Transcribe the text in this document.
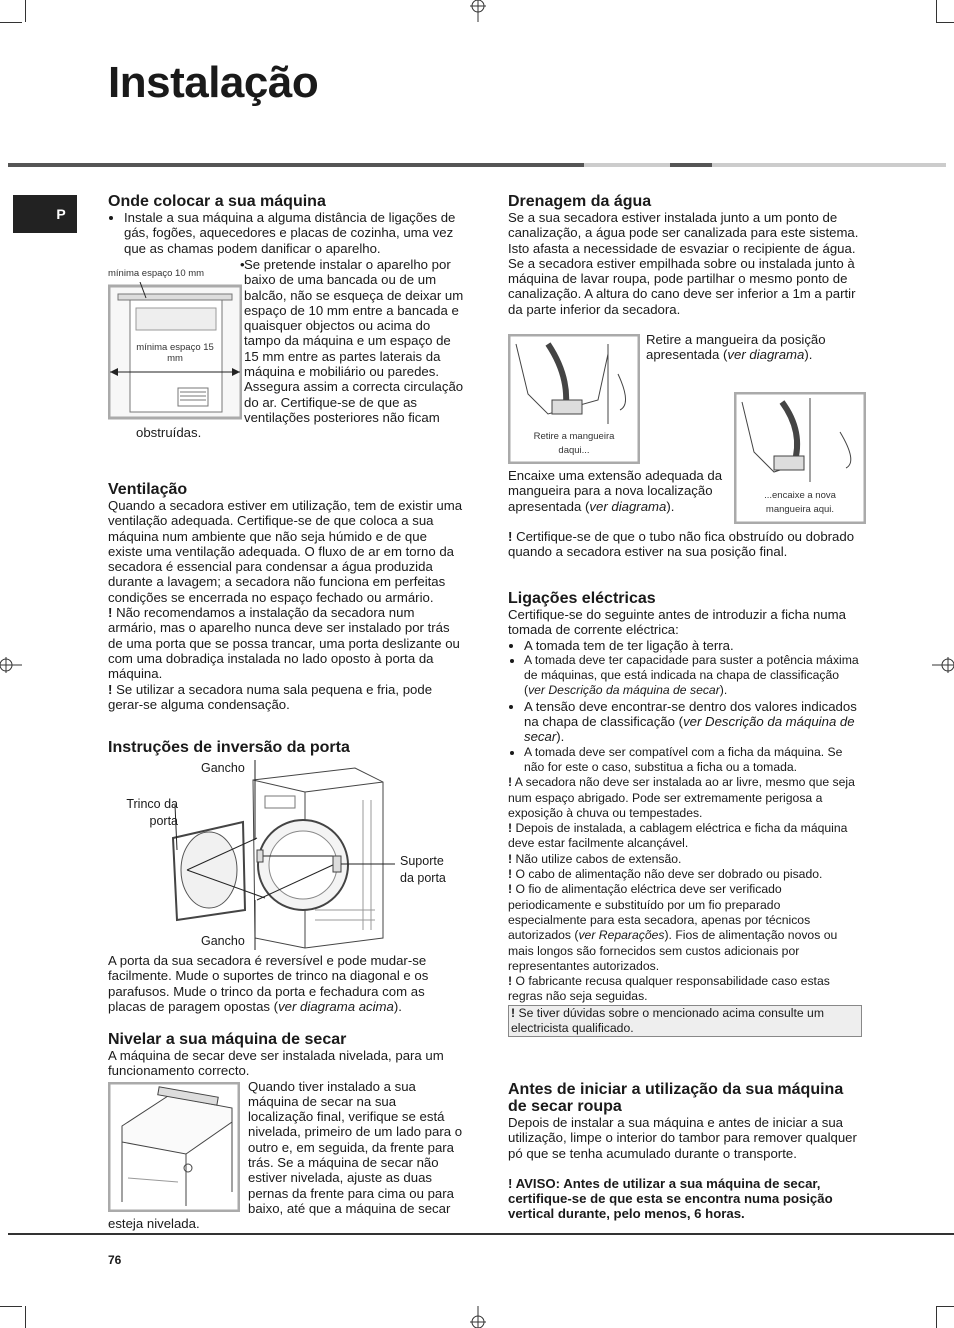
Instalação
P
Onde colocar a sua máquina
• Instale a sua máquina a alguma distância de ligações de gás, fogões, aquecedores e placas de cozinha, uma vez que as chamas podem danificar o aparelho.
mínima espaço 10 mm
mínima espaço 15 mm
• Se pretende instalar o aparelho por baixo de uma bancada ou de um balcão, não se esqueça de deixar um espaço de 10 mm entre a bancada e quaisquer objectos ou acima do tampo da máquina e um espaço de 15 mm entre as partes laterais da máquina e mobiliário ou paredes. Assegura assim a correcta circulação do ar. Certifique-se de que as ventilações posteriores não ficam obstruídas.
Ventilação

Quando a secadora estiver em utilização, tem de existir uma ventilação adequada. Certifique-se de que coloca a sua máquina num ambiente que não seja húmido e de que existe uma ventilação adequada. O fluxo de ar em torno da secadora é essencial para condensar a água produzida durante a lavagem; a secadora não funciona em perfeitas condições se encerrada no espaço fechado ou armário.

! Não recomendamos a instalação da secadora num armário, mas o aparelho nunca deve ser instalado por trás de uma porta que se possa trancar, uma porta deslizante ou com uma dobradiça instalada no lado oposto à porta da máquina.

! Se utilizar a secadora numa sala pequena e fria, pode gerar-se alguma condensação.

Instruções de inversão da porta
Gancho
Trinco da porta
Suporte da porta
Gancho

A porta da sua secadora é reversível e pode mudar-se facilmente. Mude o suportes de trinco na diagonal e os parafusos. Mude o trinco da porta e fechadura com as placas de paragem opostas (ver diagrama acima).

Nivelar a sua máquina de secar

A máquina de secar deve ser instalada nivelada, para um funcionamento correcto.

Quando tiver instalado a sua máquina de secar na sua localização final, verifique se está nivelada, primeiro de um lado para o outro e, em seguida, da frente para trás. Se a máquina de secar não estiver nivelada, ajuste as duas pernas da frente para cima ou para baixo, até que a máquina de secar esteja nivelada.

Drenagem da água

Se a sua secadora estiver instalada junto a um ponto de canalização, a água pode ser canalizada para este sistema. Isto afasta a necessidade de esvaziar o recipiente de água. Se a secadora estiver empilhada sobre ou instalada junto à máquina de lavar roupa, pode partilhar o mesmo ponto de canalização. A altura do cano deve ser inferior a 1m a partir da parte inferior da secadora.

Retire a mangueira daqui...

Retire a mangueira da posição apresentada (ver diagrama).

...encaixe a nova mangueira aqui.

Encaixe uma extensão adequada da mangueira para a nova localização apresentada (ver diagrama).

! Certifique-se de que o tubo não fica obstruído ou dobrado quando a secadora estiver na sua posição final.

Ligações eléctricas

Certifique-se do seguinte antes de introduzir a ficha numa tomada de corrente eléctrica:

• A tomada tem de ter ligação à terra.
• A tomada deve ter capacidade para suster a potência máxima de máquinas, que está indicada na chapa de classificação (ver Descrição da máquina de secar).
• A tensão deve encontrar-se dentro dos valores indicados na chapa de classificação (ver Descrição da máquina de secar).
• A tomada deve ser compatível com a ficha da máquina. Se não for este o caso, substitua a ficha ou a tomada.

! A secadora não deve ser instalada ao ar livre, mesmo que seja num espaço abrigado. Pode ser extremamente perigosa a exposição à chuva ou tempestades.

! Depois de instalada, a cablagem eléctrica e ficha da máquina deve estar facilmente alcançável.

! Não utilize cabos de extensão.

! O cabo de alimentação não deve ser dobrado ou pisado.

! O fio de alimentação eléctrica deve ser verificado periodicamente e substituído por um fio preparado especialmente para esta secadora, apenas por técnicos autorizados (ver Reparações). Fios de alimentação novos ou mais longos são fornecidos sem custos adicionais por representantes autorizados.

! O fabricante recusa qualquer responsabilidade caso estas regras não seja seguidas.

! Se tiver dúvidas sobre o mencionado acima consulte um electricista qualificado.

Antes de iniciar a utilização da sua máquina de secar roupa

Depois de instalar a sua máquina e antes de iniciar a sua utilização, limpe o interior do tambor para remover qualquer pó que se tenha acumulado durante o transporte.

! AVISO: Antes de utilizar a sua máquina de secar, certifique-se de que esta se encontra numa posição vertical durante, pelo menos, 6 horas.

76
